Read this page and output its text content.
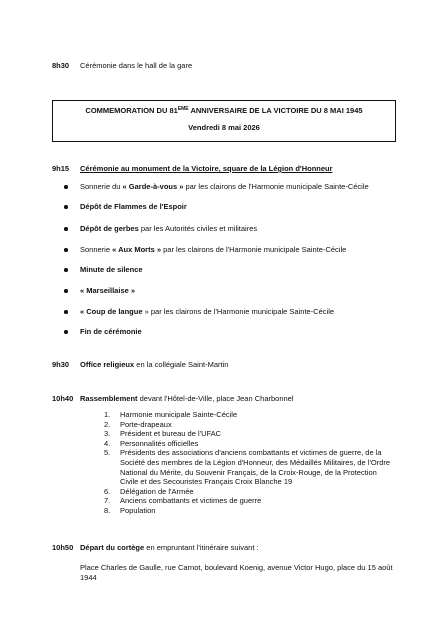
8h30 Cérémonie dans le hall de la gare
COMMEMORATION DU 81EME ANNIVERSAIRE DE LA VICTOIRE DU 8 MAI 1945
Vendredi 8 mai 2026
9h15 Cérémonie au monument de la Victoire, square de la Légion d'Honneur
Sonnerie du « Garde-à-vous » par les clairons de l'Harmonie municipale Sainte-Cécile
Dépôt de Flammes de l'Espoir
Dépôt de gerbes par les Autorités civiles et militaires
Sonnerie « Aux Morts » par les clairons de l'Harmonie municipale Sainte-Cécile
Minute de silence
« Marseillaise »
« Coup de langue » par les clairons de l'Harmonie municipale Sainte-Cécile
Fin de cérémonie
9h30 Office religieux en la collégiale Saint-Martin
10h40 Rassemblement devant l'Hôtel-de-Ville, place Jean Charbonnel
1. Harmonie municipale Sainte-Cécile
2. Porte-drapeaux
3. Président et bureau de l'UFAC
4. Personnalités officielles
5. Présidents des associations d'anciens combattants et victimes de guerre, de la Société des membres de la Légion d'Honneur, des Médaillés Militaires, de l'Ordre National du Mérite, du Souvenir Français, de la Croix-Rouge, de la Protection Civile et des Secouristes Français Croix Blanche 19
6. Délégation de l'Armée
7. Anciens combattants et victimes de guerre
8. Population
10h50 Départ du cortège en empruntant l'itinéraire suivant :
Place Charles de Gaulle, rue Carnot, boulevard Koenig, avenue Victor Hugo, place du 15 août 1944
